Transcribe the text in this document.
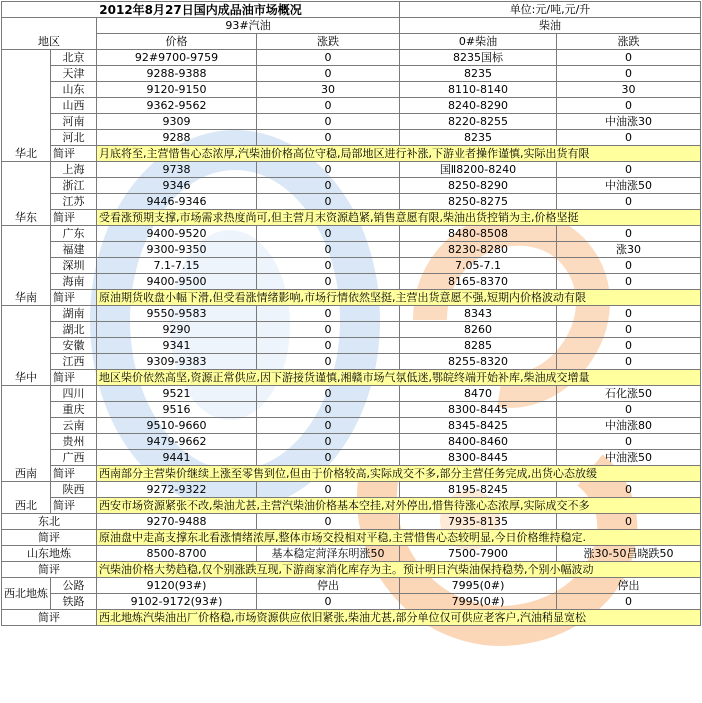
2012年8月27日国内成品油市场概况				单位:元/吨,元/升	
地区		93#汽油		柴油	
		价格	涨跌	0#柴油	涨跌
华北	北京	92#9700-9759	0	8235国标	0
	天津	9288-9388	0	8235	0
	山东	9120-9150	30	8110-8140	30
	山西	9362-9562	0	8240-8290	0
	河南	9309	0	8220-8255	中油涨30
	河北	9288	0	8235	0
	简评	月底将至,主营惜售心态浓厚,汽柴油价格高位守稳,局部地区进行补涨,下游业者操作谨慎,实际出货有限			
华东	上海	9738	0	国Ⅱ8200-8240	0
	浙江	9346	0	8250-8290	中油涨50
	江苏	9446-9346	0	8250-8275	0
	简评	受看涨预期支撑,市场需求热度尚可,但主营月末资源趋紧,销售意愿有限,柴油出货控销为主,价格坚挺			
华南	广东	9400-9520	0	8480-8508	0
	福建	9300-9350	0	8230-8280	涨30
	深圳	7.1-7.15	0	7.05-7.1	0
	海南	9400-9500	0	8165-8370	0
	简评	原油期货收盘小幅下滑,但受看涨情绪影响,市场行情依然坚挺,主营出货意愿不强,短期内价格波动有限			
华中	湖南	9550-9583	0	8343	0
	湖北	9290	0	8260	0
	安徽	9341	0	8285	0
	江西	9309-9383	0	8255-8320	0
	简评	地区柴价依然高坚,资源正常供应,因下游接货谨慎,湘赣市场气氛低迷,鄂皖终端开始补库,柴油成交增量			
西南	四川	9521	0	8470	石化涨50
	重庆	9516	0	8300-8445	0
	云南	9510-9660	0	8345-8425	中油涨80
	贵州	9479-9662	0	8400-8460	0
	广西	9441	0	8300-8445	中油涨50
	简评	西南部分主营柴价继续上涨至零售到位,但由于价格较高,实际成交不多,部分主营任务完成,出货心态放缓			
西北	陕西	9272-9322	0	8195-8245	0
	简评	西安市场资源紧张不改,柴油尤甚,主营汽柴油价格基本空挂,对外停出,惜售待涨心态浓厚,实际成交不多			
东北		9270-9488	0	7935-8135	0
简评		原油盘中走高支撑东北看涨情绪浓厚,整体市场交投相对平稳,主营惜售心态较明显,今日价格维持稳定.			
山东地炼		8500-8700	基本稳定菏泽东明涨50	7500-7900	涨30-50昌晓跌50
简评		汽柴油价格大势趋稳,仅个别涨跌互现,下游商家消化库存为主。预计明日汽柴油保持稳势,个别小幅波动			
西北地炼	公路	9120(93#)	停出	7995(0#)	停出
	铁路	9102-9172(93#)	0	7995(0#)	0
简评		西北地炼汽柴油出厂价格稳,市场资源供应依旧紧张,柴油尤甚,部分单位仅可供应老客户,汽油稍显宽松			
